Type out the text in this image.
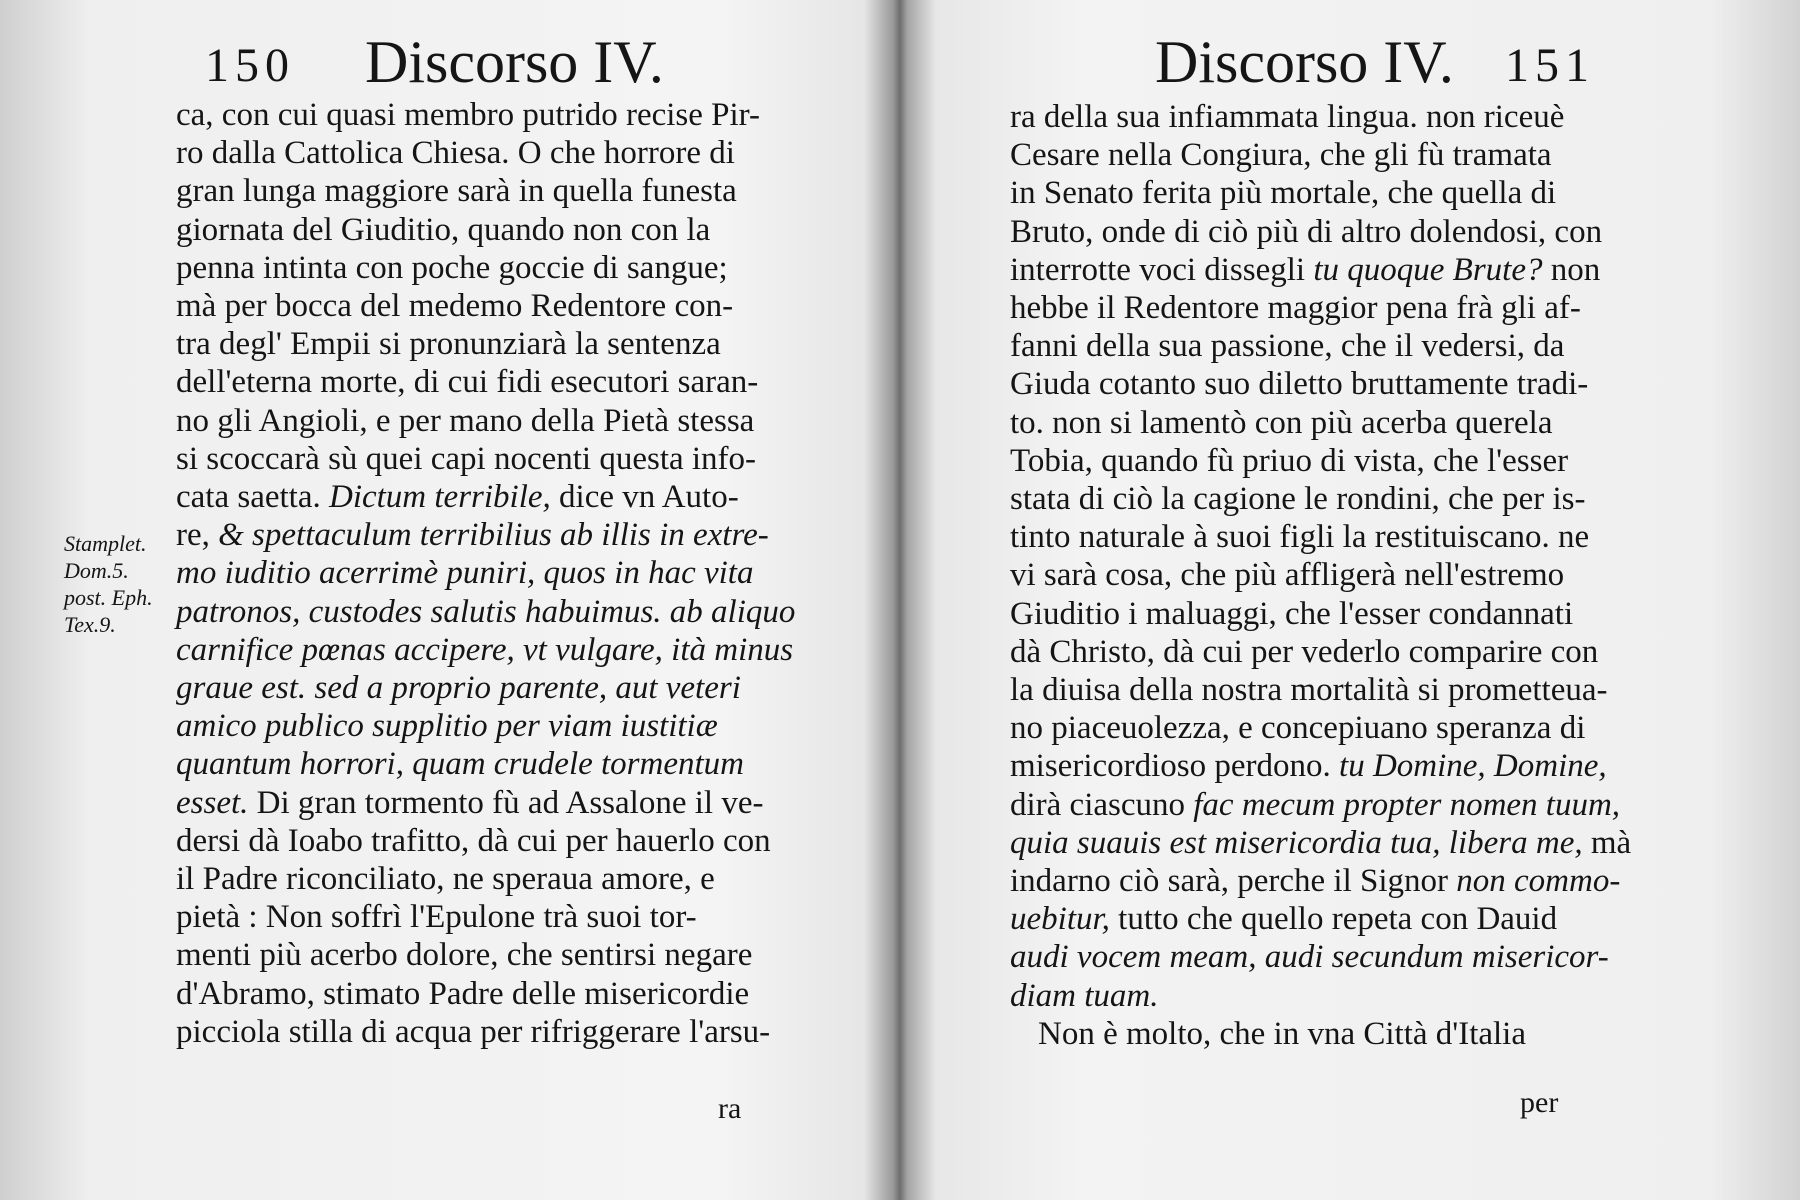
150 Discorso IV.
Stamplet.
Dom.5.
post. Eph.
Tex.9.
ca, con cui quasi membro putrido recise Pir-
ro dalla Cattolica Chiesa. O che horrore di
gran lunga maggiore sarà in quella funesta
giornata del Giuditio, quando non con la
penna intinta con poche goccie di sangue;
mà per bocca del medemo Redentore con-
tra degl' Empii si pronunziarà la sentenza
dell'eterna morte, di cui fidi esecutori saran-
no gli Angioli, e per mano della Pietà stessa
si scoccarà sù quei capi nocenti questa info-
cata saetta. Dictum terribile, dice vn Auto-
re, & spettaculum terribilius ab illis in extre-
mo iuditio acerrimè puniri, quos in hac vita
patronos, custodes salutis habuimus. ab aliquo
carnifice pœnas accipere, vt vulgare, ità minus
graue est. sed a proprio parente, aut veteri
amico publico supplitio per viam iustitiæ
quantum horrori, quam crudele tormentum
esset. Di gran tormento fù ad Assalone il ve-
dersi dà Ioabo trafitto, dà cui per hauerlo con
il Padre riconciliato, ne speraua amore, e
pietà : Non soffrì l'Epulone trà suoi tor-
menti più acerbo dolore, che sentirsi negare
d'Abramo, stimato Padre delle misericordie
picciola stilla di acqua per rifriggerare l'arsu-
ra
Discorso IV. 151
ra della sua infiammata lingua. non riceuè
Cesare nella Congiura, che gli fù tramata
in Senato ferita più mortale, che quella di
Bruto, onde di ciò più di altro dolendosi, con
interrotte voci dissegli tu quoque Brute? non
hebbe il Redentore maggior pena frà gli af-
fanni della sua passione, che il vedersi, da
Giuda cotanto suo diletto bruttamente tradi-
to. non si lamentò con più acerba querela
Tobia, quando fù priuo di vista, che l'esser
stata di ciò la cagione le rondini, che per is-
tinto naturale à suoi figli la restituiscano. ne
vi sarà cosa, che più affligerà nell'estremo
Giuditio i maluaggi, che l'esser condannati
dà Christo, dà cui per vederlo comparire con
la diuisa della nostra mortalità si prometteua-
no piaceuolezza, e concepiuano speranza di
misericordioso perdono. tu Domine, Domine,
dirà ciascuno fac mecum propter nomen tuum,
quia suauis est misericordia tua, libera me, mà
indarno ciò sarà, perche il Signor non commo-
uebitur, tutto che quello repeta con Dauid
audi vocem meam, audi secundum misericor-
diam tuam.
Non è molto, che in vna Città d'Italia
per
